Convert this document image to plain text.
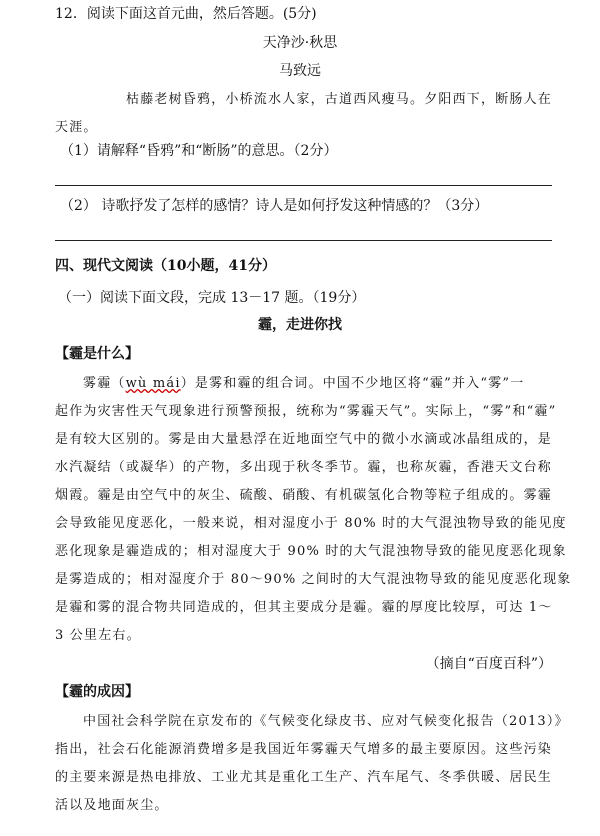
12．阅读下面这首元曲，然后答题。(5分)
天净沙·秋思
马致远
枯藤老树昏鸦，小桥流水人家，古道西风瘦马。夕阳西下，断肠人在
天涯。
（1）请解释“昏鸦”和“断肠”的意思。（2分）
（2） 诗歌抒发了怎样的感情？诗人是如何抒发这种情感的？（3分）
四、现代文阅读（10小题，41分）
（一）阅读下面文段，完成 13－17 题。（19分）
霾，走进你找
【霾是什么】
雾霾（wù mái）是雾和霾的组合词。中国不少地区将“霾”并入“雾”一
起作为灾害性天气现象进行预警预报，统称为“雾霾天气”。实际上，“雾”和“霾”
是有较大区别的。雾是由大量悬浮在近地面空气中的微小水滴或冰晶组成的，是
水汽凝结（或凝华）的产物，多出现于秋冬季节。霾，也称灰霾，香港天文台称
烟霞。霾是由空气中的灰尘、硫酸、硝酸、有机碳氢化合物等粒子组成的。雾霾
会导致能见度恶化，一般来说，相对湿度小于 80% 时的大气混浊物导致的能见度
恶化现象是霾造成的；相对湿度大于 90% 时的大气混浊物导致的能见度恶化现象
是雾造成的；相对湿度介于 80～90% 之间时的大气混浊物导致的能见度恶化现象
是霾和雾的混合物共同造成的，但其主要成分是霾。霾的厚度比较厚，可达 1～
3 公里左右。
（摘自“百度百科”）
【霾的成因】
中国社会科学院在京发布的《气候变化绿皮书、应对气候变化报告（2013）》
指出，社会石化能源消费增多是我国近年雾霾天气增多的最主要原因。这些污染
的主要来源是热电排放、工业尤其是重化工生产、汽车尾气、冬季供暖、居民生
活以及地面灰尘。
